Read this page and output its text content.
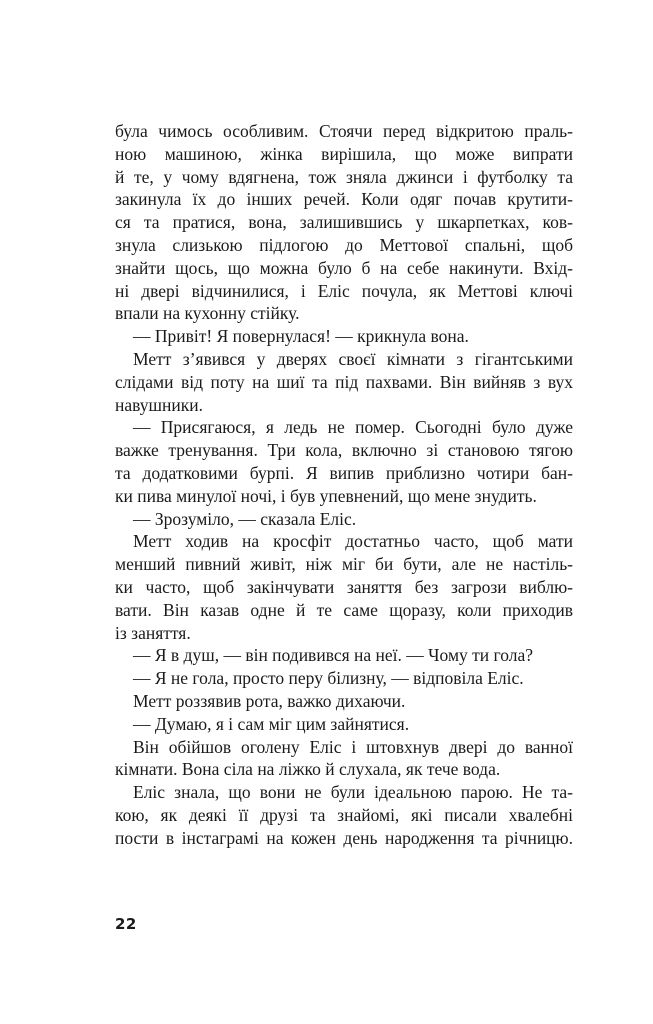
була чимось особливим. Стоячи перед відкритою праль-
ною машиною, жінка вирішила, що може випрати
й те, у чому вдягнена, тож зняла джинси і футболку та
закинула їх до інших речей. Коли одяг почав крутити-
ся та пратися, вона, залишившись у шкарпетках, ков-
знула слизькою підлогою до Меттової спальні, щоб
знайти щось, що можна було б на себе накинути. Вхід-
ні двері відчинилися, і Еліс почула, як Меттові ключі
впали на кухонну стійку.
— Привіт! Я повернулася! — крикнула вона.
Метт з’явився у дверях своєї кімнати з гігантськими
слідами від поту на шиї та під пахвами. Він вийняв з вух
навушники.
— Присягаюся, я ледь не помер. Сьогодні було дуже
важке тренування. Три кола, включно зі становою тягою
та додатковими бурпі. Я випив приблизно чотири бан-
ки пива минулої ночі, і був упевнений, що мене знудить.
— Зрозуміло, — сказала Еліс.
Метт ходив на кросфіт достатньо часто, щоб мати
менший пивний живіт, ніж міг би бути, але не настіль-
ки часто, щоб закінчувати заняття без загрози виблю-
вати. Він казав одне й те саме щоразу, коли приходив
із заняття.
— Я в душ, — він подивився на неї. — Чому ти гола?
— Я не гола, просто перу білизну, — відповіла Еліс.
Метт роззявив рота, важко дихаючи.
— Думаю, я і сам міг цим зайнятися.
Він обійшов оголену Еліс і штовхнув двері до ванної
кімнати. Вона сіла на ліжко й слухала, як тече вода.
Еліс знала, що вони не були ідеальною парою. Не та-
кою, як деякі її друзі та знайомі, які писали хвалебні
пости в інстаграмі на кожен день народження та річницю.
22
